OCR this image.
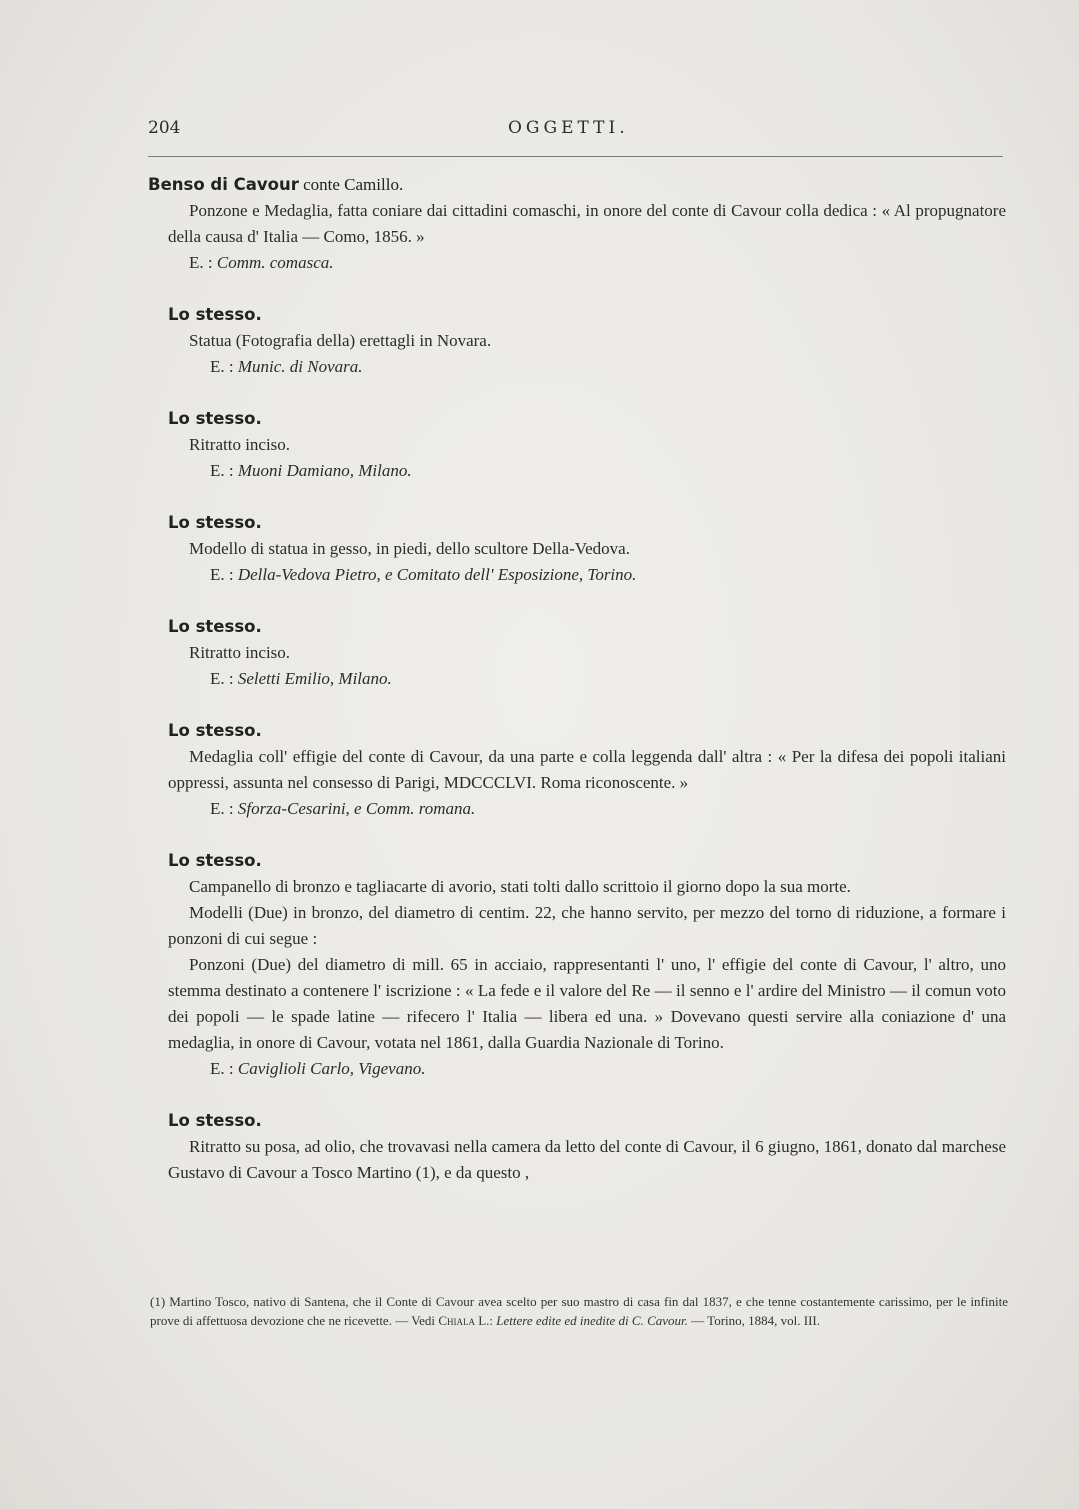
204	OGGETTI.
Benso di Cavour conte Camillo.

Ponzone e Medaglia, fatta coniare dai cittadini comaschi, in onore del conte di Cavour colla dedica : « Al propugnatore della causa d' Italia — Como, 1856. »

E. : Comm. comasca.
Lo stesso.

Statua (Fotografia della) erettagli in Novara.

E. : Munic. di Novara.
Lo stesso.

Ritratto inciso.

E. : Muoni Damiano, Milano.
Lo stesso.

Modello di statua in gesso, in piedi, dello scultore Della-Vedova.

E. : Della-Vedova Pietro, e Comitato dell' Esposizione, Torino.
Lo stesso.

Ritratto inciso.

E. : Seletti Emilio, Milano.
Lo stesso.

Medaglia coll' effigie del conte di Cavour, da una parte e colla leggenda dall' altra : « Per la difesa dei popoli italiani oppressi, assunta nel consesso di Parigi, MDCCCLVI. Roma riconoscente. »

E. : Sforza-Cesarini, e Comm. romana.
Lo stesso.

Campanello di bronzo e tagliacarte di avorio, stati tolti dallo scrittoio il giorno dopo la sua morte.

Modelli (Due) in bronzo, del diametro di centim. 22, che hanno servito, per mezzo del torno di riduzione, a formare i ponzoni di cui segue :

Ponzoni (Due) del diametro di mill. 65 in acciaio, rappresentanti l' uno, l' effigie del conte di Cavour, l' altro, uno stemma destinato a contenere l' iscrizione : « La fede e il valore del Re — il senno e l' ardire del Ministro — il comun voto dei popoli — le spade latine — rifecero l' Italia — libera ed una. » Dovevano questi servire alla coniazione d' una medaglia, in onore di Cavour, votata nel 1861, dalla Guardia Nazionale di Torino.

E. : Caviglioli Carlo, Vigevano.
Lo stesso.

Ritratto su posa, ad olio, che trovavasi nella camera da letto del conte di Cavour, il 6 giugno, 1861, donato dal marchese Gustavo di Cavour a Tosco Martino (1), e da questo ,

(1) Martino Tosco, nativo di Santena, che il Conte di Cavour avea scelto per suo mastro di casa fin dal 1837, e che tenne costantemente carissimo, per le infinite prove di affettuosa devozione che ne ricevette. — Vedi Chiala L.: Lettere edite ed inedite di C. Cavour. — Torino, 1884, vol. III.
